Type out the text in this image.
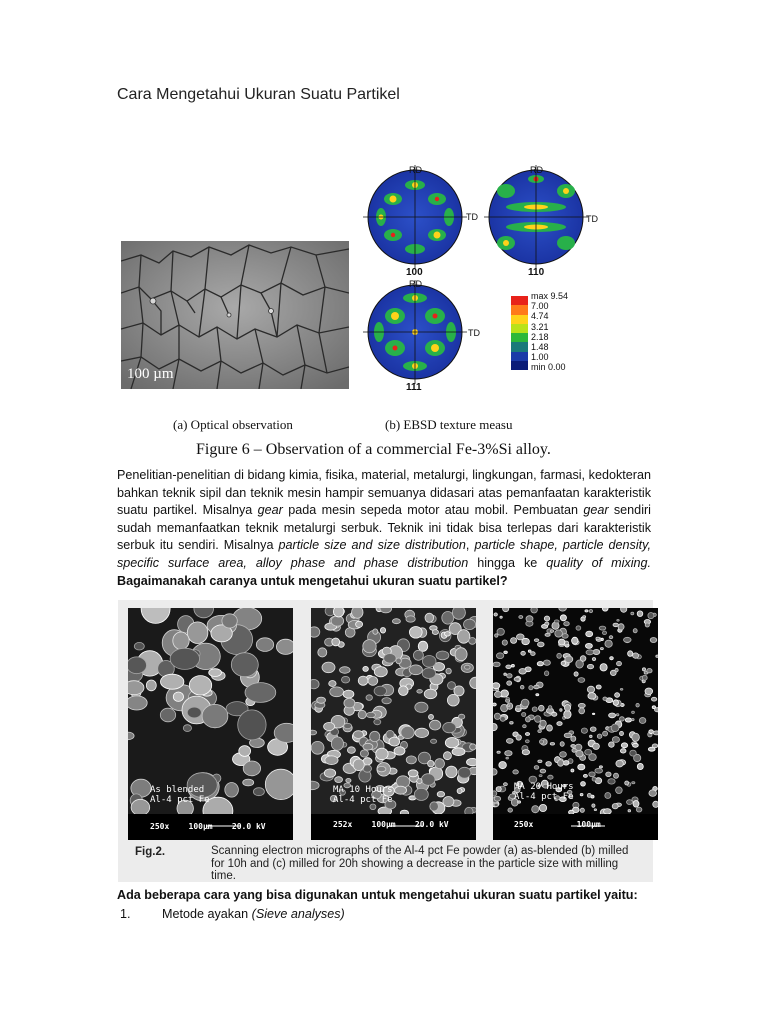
Cara Mengetahui Ukuran Suatu Partikel
100 µm
RD
TD
100
RD
TD
110
RD
TD
111
max 9.54
7.00
4.74
3.21
2.18
1.48
1.00
min 0.00
(a) Optical observation	(b) EBSD texture measu
Figure 6 – Observation of a commercial Fe-3%Si alloy.
Penelitian-penelitian di bidang kimia, fisika, material, metalurgi, lingkungan, farmasi, kedokteran bahkan teknik sipil dan teknik mesin hampir semuanya didasari atas pemanfaatan karakteristik suatu partikel. Misalnya gear pada mesin sepeda motor atau mobil. Pembuatan gear sendiri sudah memanfaatkan teknik metalurgi serbuk. Teknik ini tidak bisa terlepas dari karakteristik serbuk itu sendiri. Misalnya particle size and size distribution, particle shape, particle density, specific surface area, alloy phase and phase distribution hingga ke quality of mixing. Bagaimanakah caranya untuk mengetahui ukuran suatu partikel?
As blended
Al-4 pct Fe
MA 10 Hours
Al-4 pct Fe
MA 20 Hours
Al-4 pct Fe
250x    100µm    20.0 kV	252x    100µm    20.0 kV	250x         100µm
Fig.2.	Scanning electron micrographs of the Al-4 pct Fe powder (a) as-blended (b) milled for 10h and (c) milled for 20h showing a decrease in the particle size with milling time.
Ada beberapa cara yang bisa digunakan untuk mengetahui ukuran suatu partikel yaitu:
1. Metode ayakan (Sieve analyses)
